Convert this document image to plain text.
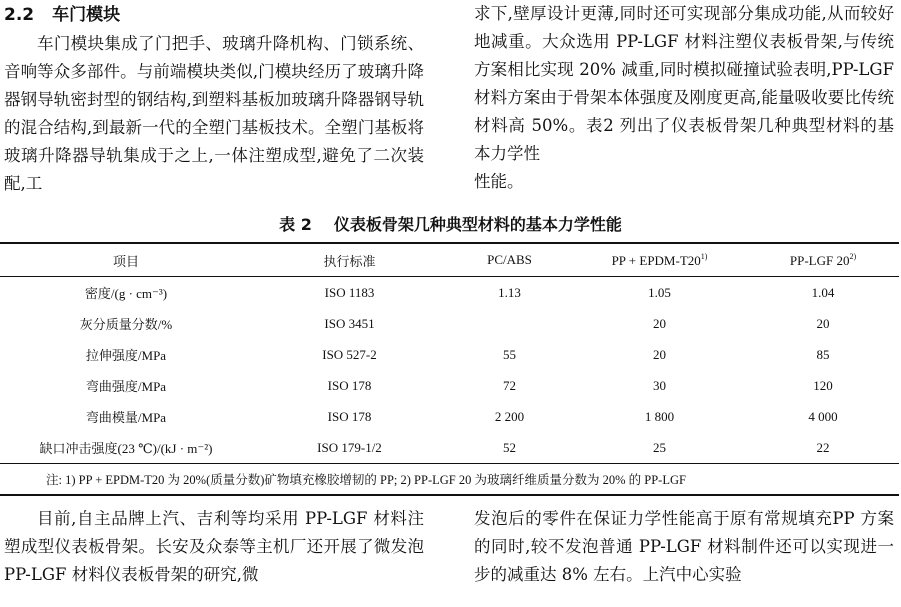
2.2 车门模块

车门模块集成了门把手、玻璃升降机构、门锁系统、音响等众多部件。与前端模块类似,门模块经历了玻璃升降器钢导轨密封型的钢结构,到塑料基板加玻璃升降器钢导轨的混合结构,到最新一代的全塑门基板技术。全塑门基板将玻璃升降器导轨集成于之上,一体注塑成型,避免了二次装配,工

求下,壁厚设计更薄,同时还可实现部分集成功能,从而较好地减重。大众选用 PP-LGF 材料注塑仪表板骨架,与传统方案相比实现 20% 减重,同时模拟碰撞试验表明,PP-LGF 材料方案由于骨架本体强度及刚度更高,能量吸收要比传统材料高 50%。表2 列出了仪表板骨架几种典型材料的基本力学性
性能。

表 2 仪表板骨架几种典型材料的基本力学性能
项目	执行标准	PC/ABS	PP + EPDM-$T20^{1)}$	PP-LGF 20$^{2)}$
密度/(g · cm⁻³)	ISO 1183	1.13	1.05	1.04
灰分质量分数/%	ISO 3451		20	20
拉伸强度/MPa	ISO 527-2	55	20	85
弯曲强度/MPa	ISO 178	72	30	120
弯曲模量/MPa	ISO 178	2 200	1 800	4 000
缺口冲击强度(23 ℃)/(kJ · m⁻²)	ISO 179-1/2	52	25	22
注: 1) PP + EPDM-T20 为 20%(质量分数)矿物填充橡胶增韧的 PP; 2) PP-LGF 20 为玻璃纤维质量分数为 20% 的 PP-LGF				

目前,自主品牌上汽、吉利等均采用 PP-LGF 材料注塑成型仪表板骨架。长安及众泰等主机厂还开展了微发泡 PP-LGF 材料仪表板骨架的研究,微

发泡后的零件在保证力学性能高于原有常规填充PP 方案的同时,较不发泡普通 PP-LGF 材料制件还可以实现进一步的减重达 8% 左右。上汽中心实验
